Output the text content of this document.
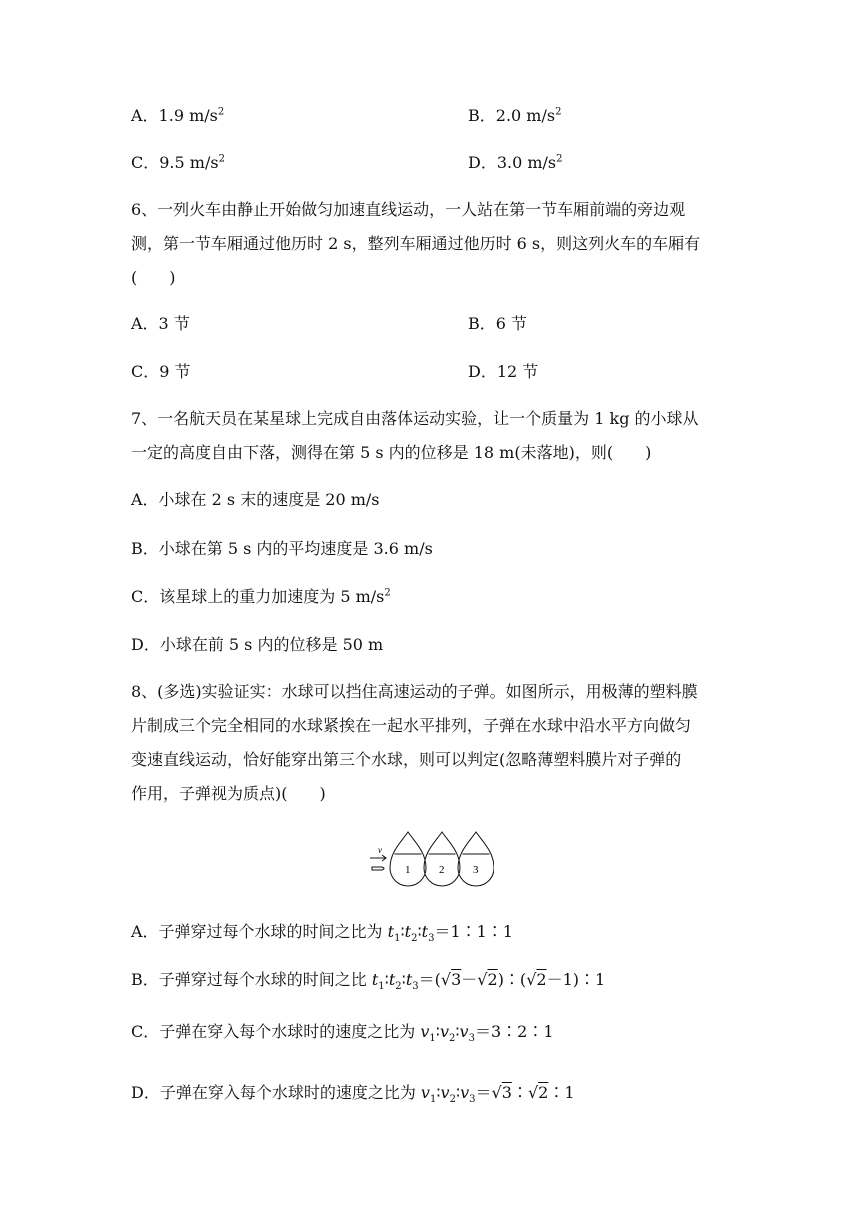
A．1.9 $m/s^2$	B．2.0 $m/s^2$
C．9.5 $m/s^2$	D．3.0 $m/s^2$
6、一列火车由静止开始做匀加速直线运动，一人站在第一节车厢前端的旁边观
测，第一节车厢通过他历时 2 s，整列车厢通过他历时 6 s，则这列火车的车厢有
(　　)
A．3 节	B．6 节
C．9 节	D．12 节
7、一名航天员在某星球上完成自由落体运动实验，让一个质量为 1 kg 的小球从
一定的高度自由下落，测得在第 5 s 内的位移是 18 m(未落地)，则(　　)
A．小球在 2 s 末的速度是 20 m/s
B．小球在第 5 s 内的平均速度是 3.6 m/s
C．该星球上的重力加速度为 5 $m/s^2$
D．小球在前 5 s 内的位移是 50 m
8、(多选)实验证实：水球可以挡住高速运动的子弹。如图所示，用极薄的塑料膜
片制成三个完全相同的水球紧挨在一起水平排列，子弹在水球中沿水平方向做匀
变速直线运动，恰好能穿出第三个水球，则可以判定(忽略薄塑料膜片对子弹的
作用，子弹视为质点)(　　)
v
1	2	3
A．子弹穿过每个水球的时间之比为 $t_1∶t_2∶t_3=1∶1∶1$
B．子弹穿过每个水球的时间之比 $t_1∶t_2∶t_3=(√3-√2)∶(√2-1)∶1$
C．子弹在穿入每个水球时的速度之比为 $v_1∶v_2∶v_3=3∶2∶1$
D．子弹在穿入每个水球时的速度之比为 $v_1∶v_2∶v_3=√3∶√2∶1$
